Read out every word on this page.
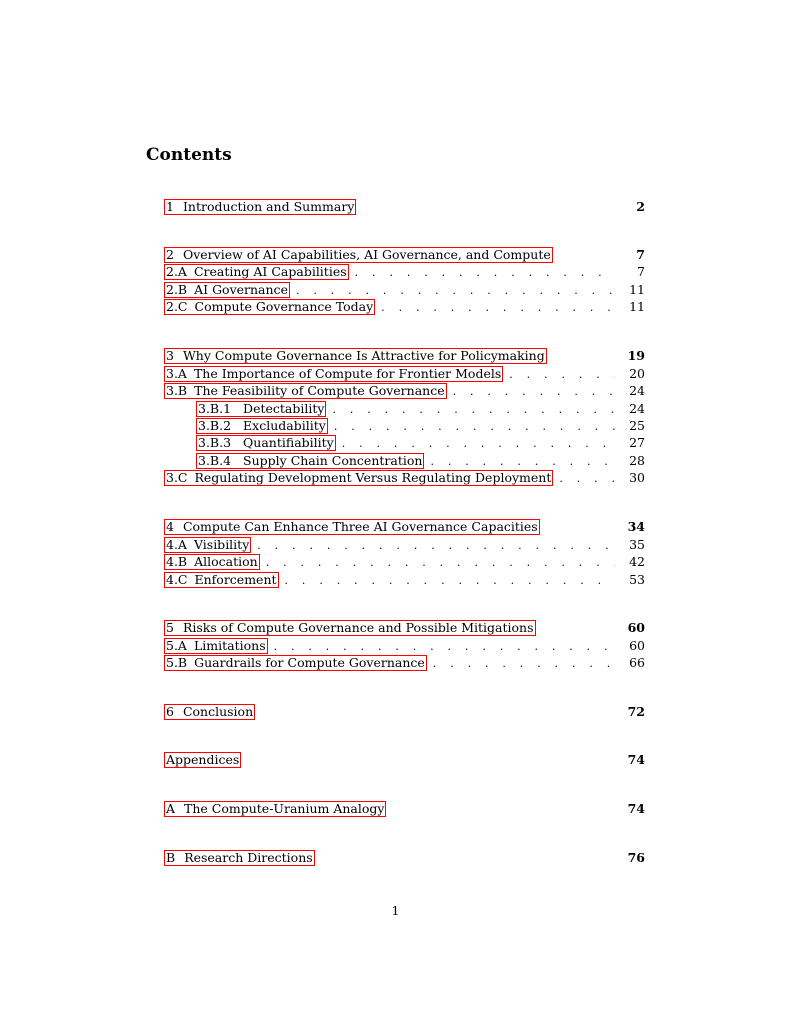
Contents
1 Introduction and Summary	2
2 Overview of AI Capabilities, AI Governance, and Compute	7
2.A Creating AI Capabilities . . .	7
2.B AI Governance . . .	11
2.C Compute Governance Today . . .	11
3 Why Compute Governance Is Attractive for Policymaking	19
3.A The Importance of Compute for Frontier Models . . .	20
3.B The Feasibility of Compute Governance . . .	24
3.B.1 Detectability . . .	24
3.B.2 Excludability . . .	25
3.B.3 Quantifiability . . .	27
3.B.4 Supply Chain Concentration . . .	28
3.C Regulating Development Versus Regulating Deployment . . .	30
4 Compute Can Enhance Three AI Governance Capacities	34
4.A Visibility . . .	35
4.B Allocation . . .	42
4.C Enforcement . . .	53
5 Risks of Compute Governance and Possible Mitigations	60
5.A Limitations . . .	60
5.B Guardrails for Compute Governance . . .	66
6 Conclusion	72
Appendices	74
A The Compute-Uranium Analogy	74
B Research Directions	76
1
